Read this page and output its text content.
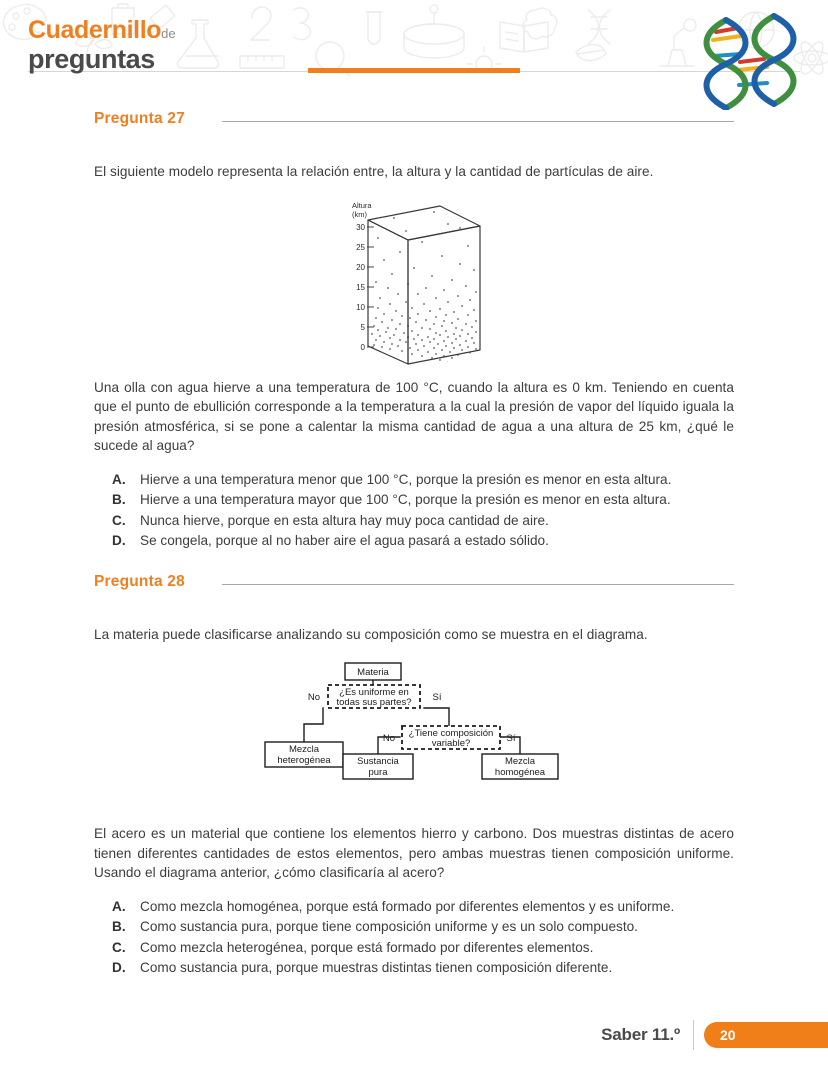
Cuadernillode
preguntas
Pregunta 27

El siguiente modelo representa la relación entre, la altura y la cantidad de partículas de aire.

Altura
(km)
30
25
20
15
10
5
0

Una olla con agua hierve a una temperatura de 100 °C, cuando la altura es 0 km. Teniendo en cuenta que el punto de ebullición corresponde a la temperatura a la cual la presión de vapor del líquido iguala la presión atmosférica, si se pone a calentar la misma cantidad de agua a una altura de 25 km, ¿qué le sucede al agua?

A.	Hierve a una temperatura menor que 100 °C, porque la presión es menor en esta altura.
B.	Hierve a una temperatura mayor que 100 °C, porque la presión es menor en esta altura.
C.	Nunca hierve, porque en esta altura hay muy poca cantidad de aire.
D.	Se congela, porque al no haber aire el agua pasará a estado sólido.
Pregunta 28

La materia puede clasificarse analizando su composición como se muestra en el diagrama.

Materia
¿Es uniforme en
todas sus partes?
No	Sí
Mezcla
heterogénea
¿Tiene composición
variable?
No	Sí
Sustancia
pura
Mezcla
homogénea

El acero es un material que contiene los elementos hierro y carbono. Dos muestras distintas de acero tienen diferentes cantidades de estos elementos, pero ambas muestras tienen composición uniforme. Usando el diagrama anterior, ¿cómo clasificaría al acero?

A.	Como mezcla homogénea, porque está formado por diferentes elementos y es uniforme.
B.	Como sustancia pura, porque tiene composición uniforme y es un solo compuesto.
C.	Como mezcla heterogénea, porque está formado por diferentes elementos.
D.	Como sustancia pura, porque muestras distintas tienen composición diferente.
Saber 11.º	20
